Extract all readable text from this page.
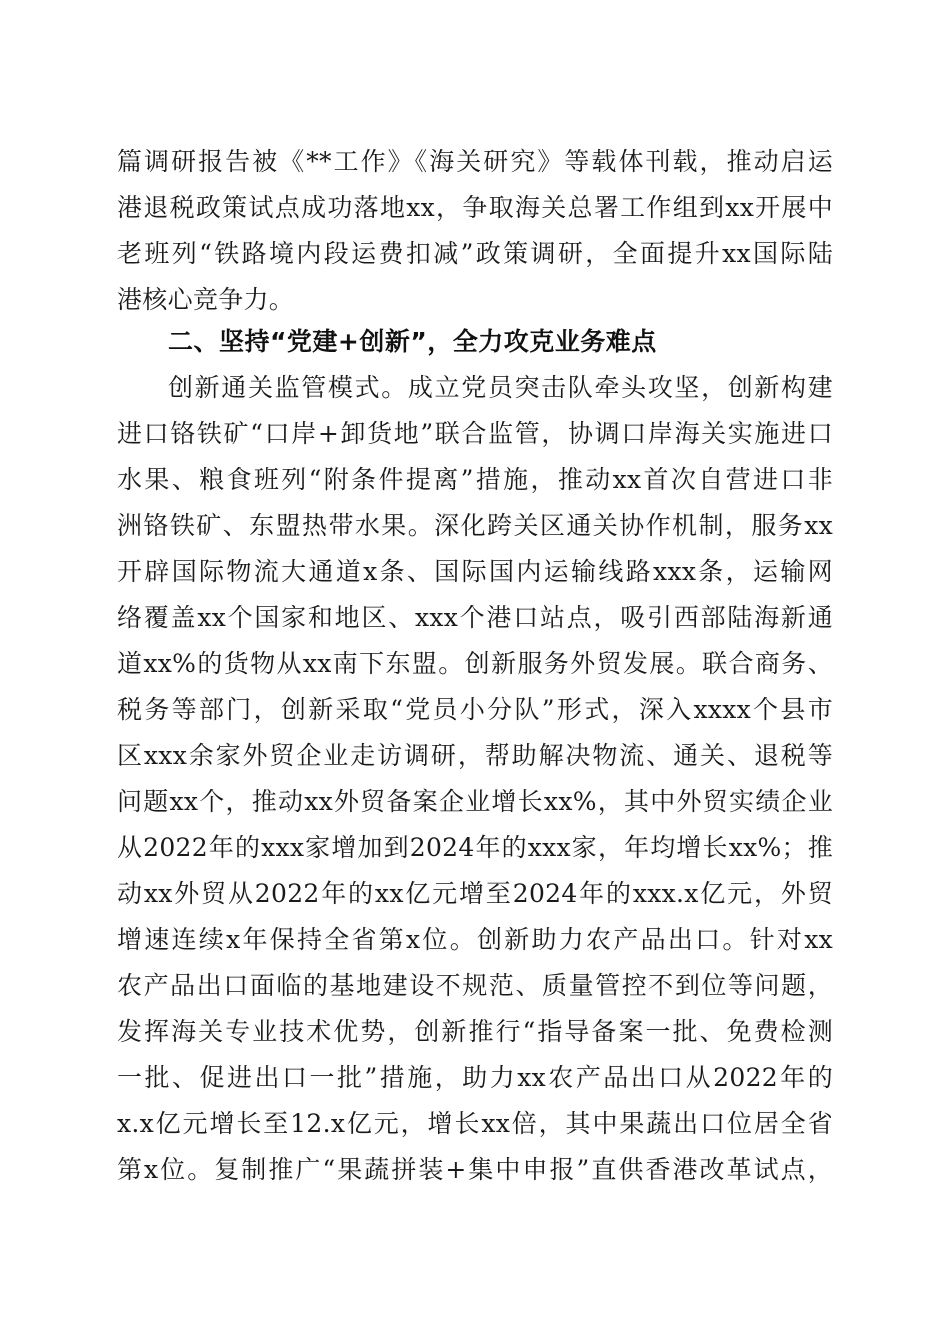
篇调研报告被《**工作》《海关研究》等载体刊载，推动启运
港退税政策试点成功落地xx，争取海关总署工作组到xx开展中
老班列“铁路境内段运费扣减”政策调研，全面提升xx国际陆
港核心竞争力。
二、坚持“党建+创新”，全力攻克业务难点
创新通关监管模式。成立党员突击队牵头攻坚，创新构建
进口铬铁矿“口岸+卸货地”联合监管，协调口岸海关实施进口
水果、粮食班列“附条件提离”措施，推动xx首次自营进口非
洲铬铁矿、东盟热带水果。深化跨关区通关协作机制，服务xx
开辟国际物流大通道x条、国际国内运输线路xxx条，运输网
络覆盖xx个国家和地区、xxx个港口站点，吸引西部陆海新通
道xx%的货物从xx南下东盟。创新服务外贸发展。联合商务、
税务等部门，创新采取“党员小分队”形式，深入xxxx个县市
区xxx余家外贸企业走访调研，帮助解决物流、通关、退税等
问题xx个，推动xx外贸备案企业增长xx%，其中外贸实绩企业
从2022年的xxx家增加到2024年的xxx家，年均增长xx%；推
动xx外贸从2022年的xx亿元增至2024年的xxx.x亿元，外贸
增速连续x年保持全省第x位。创新助力农产品出口。针对xx
农产品出口面临的基地建设不规范、质量管控不到位等问题，
发挥海关专业技术优势，创新推行“指导备案一批、免费检测
一批、促进出口一批”措施，助力xx农产品出口从2022年的
x.x亿元增长至12.x亿元，增长xx倍，其中果蔬出口位居全省
第x位。复制推广“果蔬拼装+集中申报”直供香港改革试点，
